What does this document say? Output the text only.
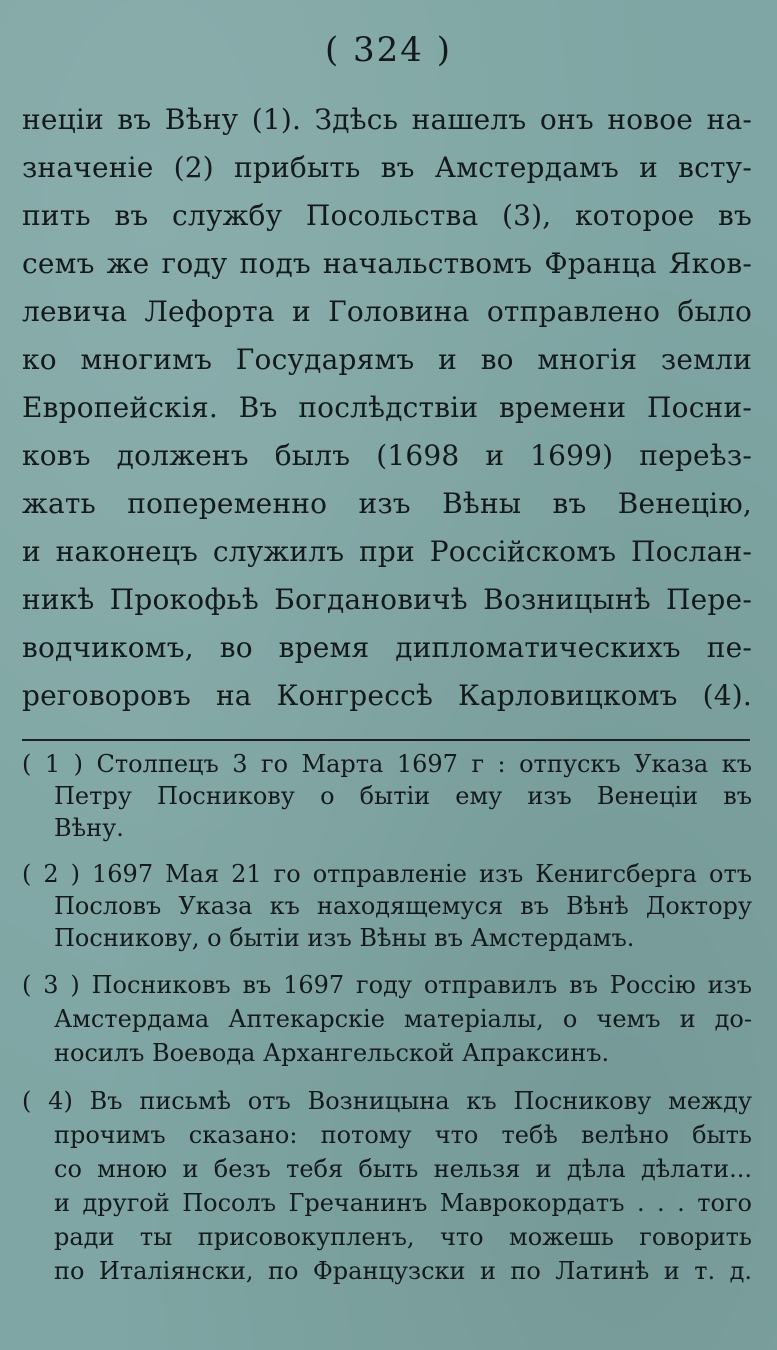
( 324 )
неціи въ Вѣну (1). Здѣсь нашелъ онъ новое на-
значеніе (2) прибыть въ Амстердамъ и всту-
пить въ службу Посольства (3), которое въ
семъ же году подъ начальствомъ Франца Яков-
левича Лефорта и Головина отправлено было
ко многимъ Государямъ и во многія земли
Европейскія. Въ послѣдствіи времени Посни-
ковъ долженъ былъ (1698 и 1699) переѣз-
жать попеременно изъ Вѣны въ Венецію,
и наконецъ служилъ при Россійскомъ Послан-
никѣ Прокофьѣ Богдановичѣ Возницынѣ Пере-
водчикомъ, во время дипломатическихъ пе-
реговоровъ на Конгрессѣ Карловицкомъ (4).
( 1 ) Столпецъ 3 го Марта 1697 г : отпускъ Указа къ
Петру Посникову о бытіи ему изъ Венеціи въ
Вѣну.
( 2 ) 1697 Мая 21 го отправленіе изъ Кенигсберга отъ
Пословъ Указа къ находящемуся въ Вѣнѣ Доктору
Посникову, о бытіи изъ Вѣны въ Амстердамъ.
( 3 ) Посниковъ въ 1697 году отправилъ въ Россію изъ
Амстердама Аптекарскіе матеріалы, о чемъ и до-
носилъ Воевода Архангельской Апраксинъ.
( 4) Въ письмѣ отъ Возницына къ Посникову между
прочимъ сказано: потому что тебѣ велѣно быть
со мною и безъ тебя быть нельзя и дѣла дѣлати...
и другой Посолъ Гречанинъ Маврокордатъ . . . того
ради ты присовокупленъ, что можешь говорить
по Италіянски, по Французски и по Латинѣ и т. д.
